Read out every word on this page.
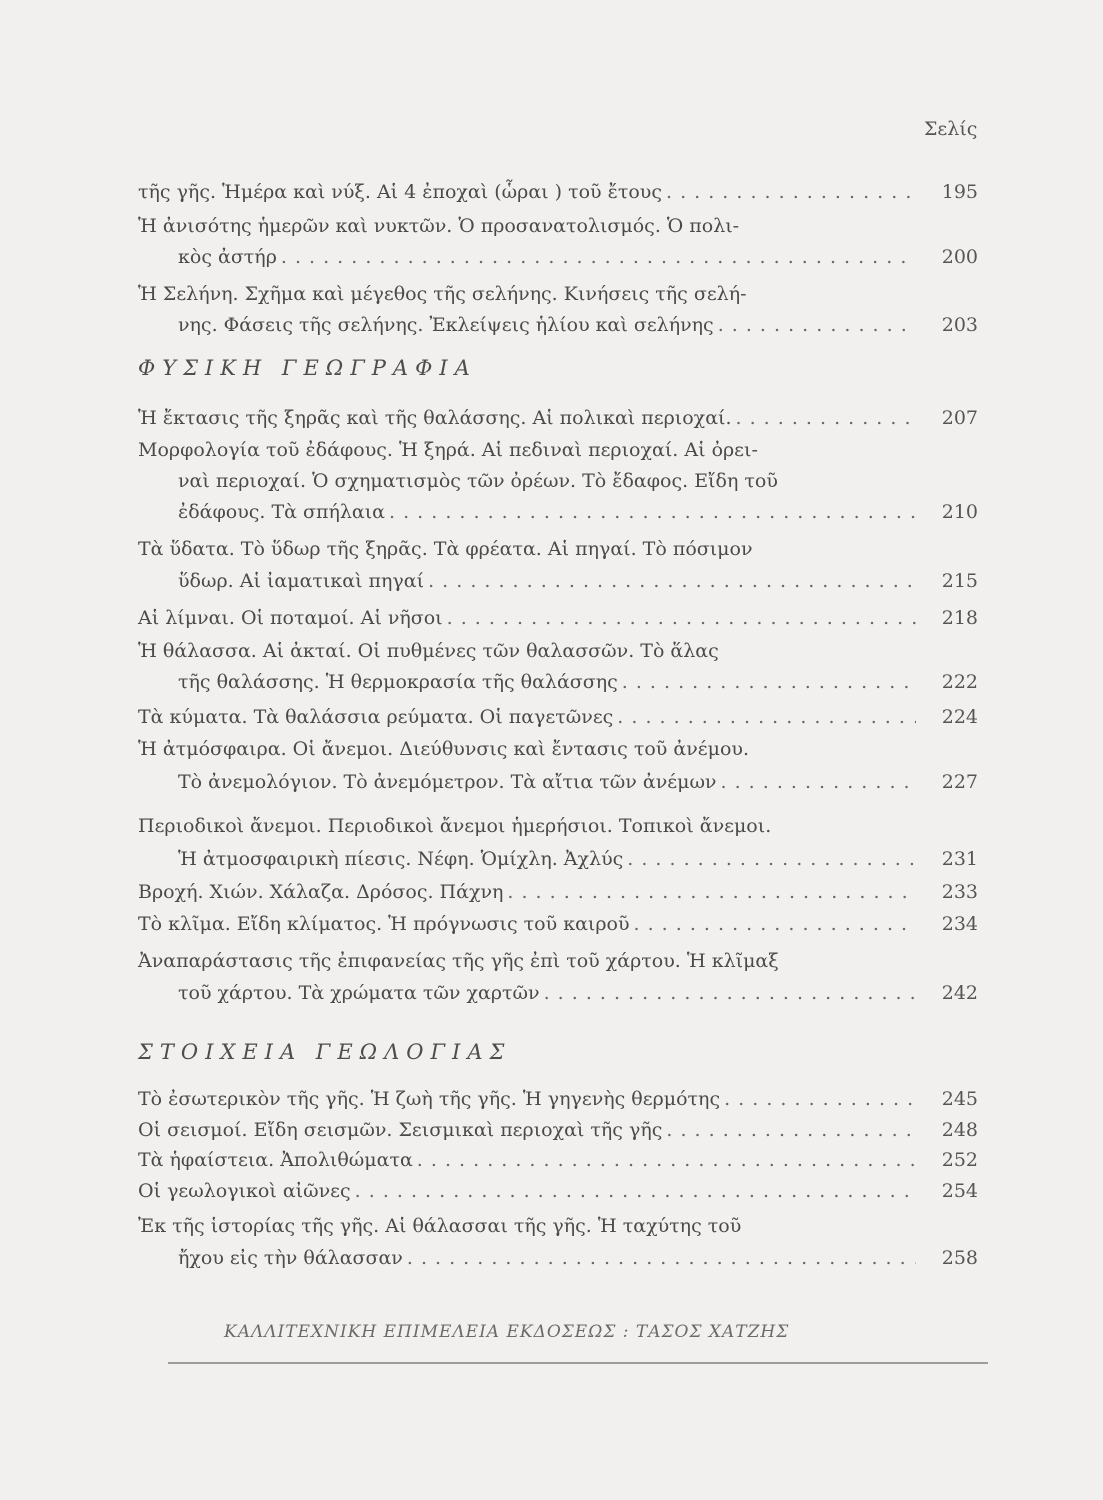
Σελίς
τῆς γῆς. Ἡμέρα καὶ νύξ. Αἱ 4 ἐποχαὶ (ὧραι ) τοῦ ἔτους . . .	195
Ἡ ἀνισότης ἡμερῶν καὶ νυκτῶν. Ὁ προσανατολισμός. Ὁ πολι-
κὸς ἀστήρ . . .	200
Ἡ Σελήνη. Σχῆμα καὶ μέγεθος τῆς σελήνης. Κινήσεις τῆς σελή-
νης. Φάσεις τῆς σελήνης. Ἐκλείψεις ἡλίου καὶ σελήνης . . .	203
ΦΥΣΙΚΗ ΓΕΩΓΡΑΦΙΑ
Ἡ ἔκτασις τῆς ξηρᾶς καὶ τῆς θαλάσσης. Αἱ πολικαὶ περιοχαί. . . .	207
Μορφολογία τοῦ ἐδάφους. Ἡ ξηρά. Αἱ πεδιναὶ περιοχαί. Αἱ ὀρει-
ναὶ περιοχαί. Ὁ σχηματισμὸς τῶν ὀρέων. Τὸ ἔδαφος. Εἴδη τοῦ
ἐδάφους. Τὰ σπήλαια . . .	210
Τὰ ὕδατα. Τὸ ὕδωρ τῆς ξηρᾶς. Τὰ φρέατα. Αἱ πηγαί. Τὸ πόσιμον
ὕδωρ. Αἱ ἰαματικαὶ πηγαί . . .	215
Αἱ λίμναι. Οἱ ποταμοί. Αἱ νῆσοι . . .	218
Ἡ θάλασσα. Αἱ ἀκταί. Οἱ πυθμένες τῶν θαλασσῶν. Τὸ ἅλας
τῆς θαλάσσης. Ἡ θερμοκρασία τῆς θαλάσσης . . .	222
Τὰ κύματα. Τὰ θαλάσσια ρεύματα. Οἱ παγετῶνες . . .	224
Ἡ ἀτμόσφαιρα. Οἱ ἄνεμοι. Διεύθυνσις καὶ ἔντασις τοῦ ἀνέμου.
Τὸ ἀνεμολόγιον. Τὸ ἀνεμόμετρον. Τὰ αἴτια τῶν ἀνέμων . . .	227
Περιοδικοὶ ἄνεμοι. Περιοδικοὶ ἄνεμοι ἡμερήσιοι. Τοπικοὶ ἄνεμοι.
Ἡ ἀτμοσφαιρικὴ πίεσις. Νέφη. Ὁμίχλη. Ἀχλύς . . .	231
Βροχή. Χιών. Χάλαζα. Δρόσος. Πάχνη . . .	233
Τὸ κλῖμα. Εἴδη κλίματος. Ἡ πρόγνωσις τοῦ καιροῦ . . .	234
Ἀναπαράστασις τῆς ἐπιφανείας τῆς γῆς ἐπὶ τοῦ χάρτου. Ἡ κλῖμαξ
τοῦ χάρτου. Τὰ χρώματα τῶν χαρτῶν . . .	242
ΣΤΟΙΧΕΙΑ ΓΕΩΛΟΓΙΑΣ
Τὸ ἐσωτερικὸν τῆς γῆς. Ἡ ζωὴ τῆς γῆς. Ἡ γηγενὴς θερμότης . . .	245
Οἱ σεισμοί. Εἴδη σεισμῶν. Σεισμικαὶ περιοχαὶ τῆς γῆς . . .	248
Τὰ ἡφαίστεια. Ἀπολιθώματα . . .	252
Οἱ γεωλογικοὶ αἰῶνες . . .	254
Ἐκ τῆς ἱστορίας τῆς γῆς. Αἱ θάλασσαι τῆς γῆς. Ἡ ταχύτης τοῦ
ἤχου εἰς τὴν θάλασσαν . . .	258
ΚΑΛΛΙΤΕΧΝΙΚΗ ΕΠΙΜΕΛΕΙΑ ΕΚΔΟΣΕΩΣ : ΤΑΣΟΣ ΧΑΤΖΗΣ
